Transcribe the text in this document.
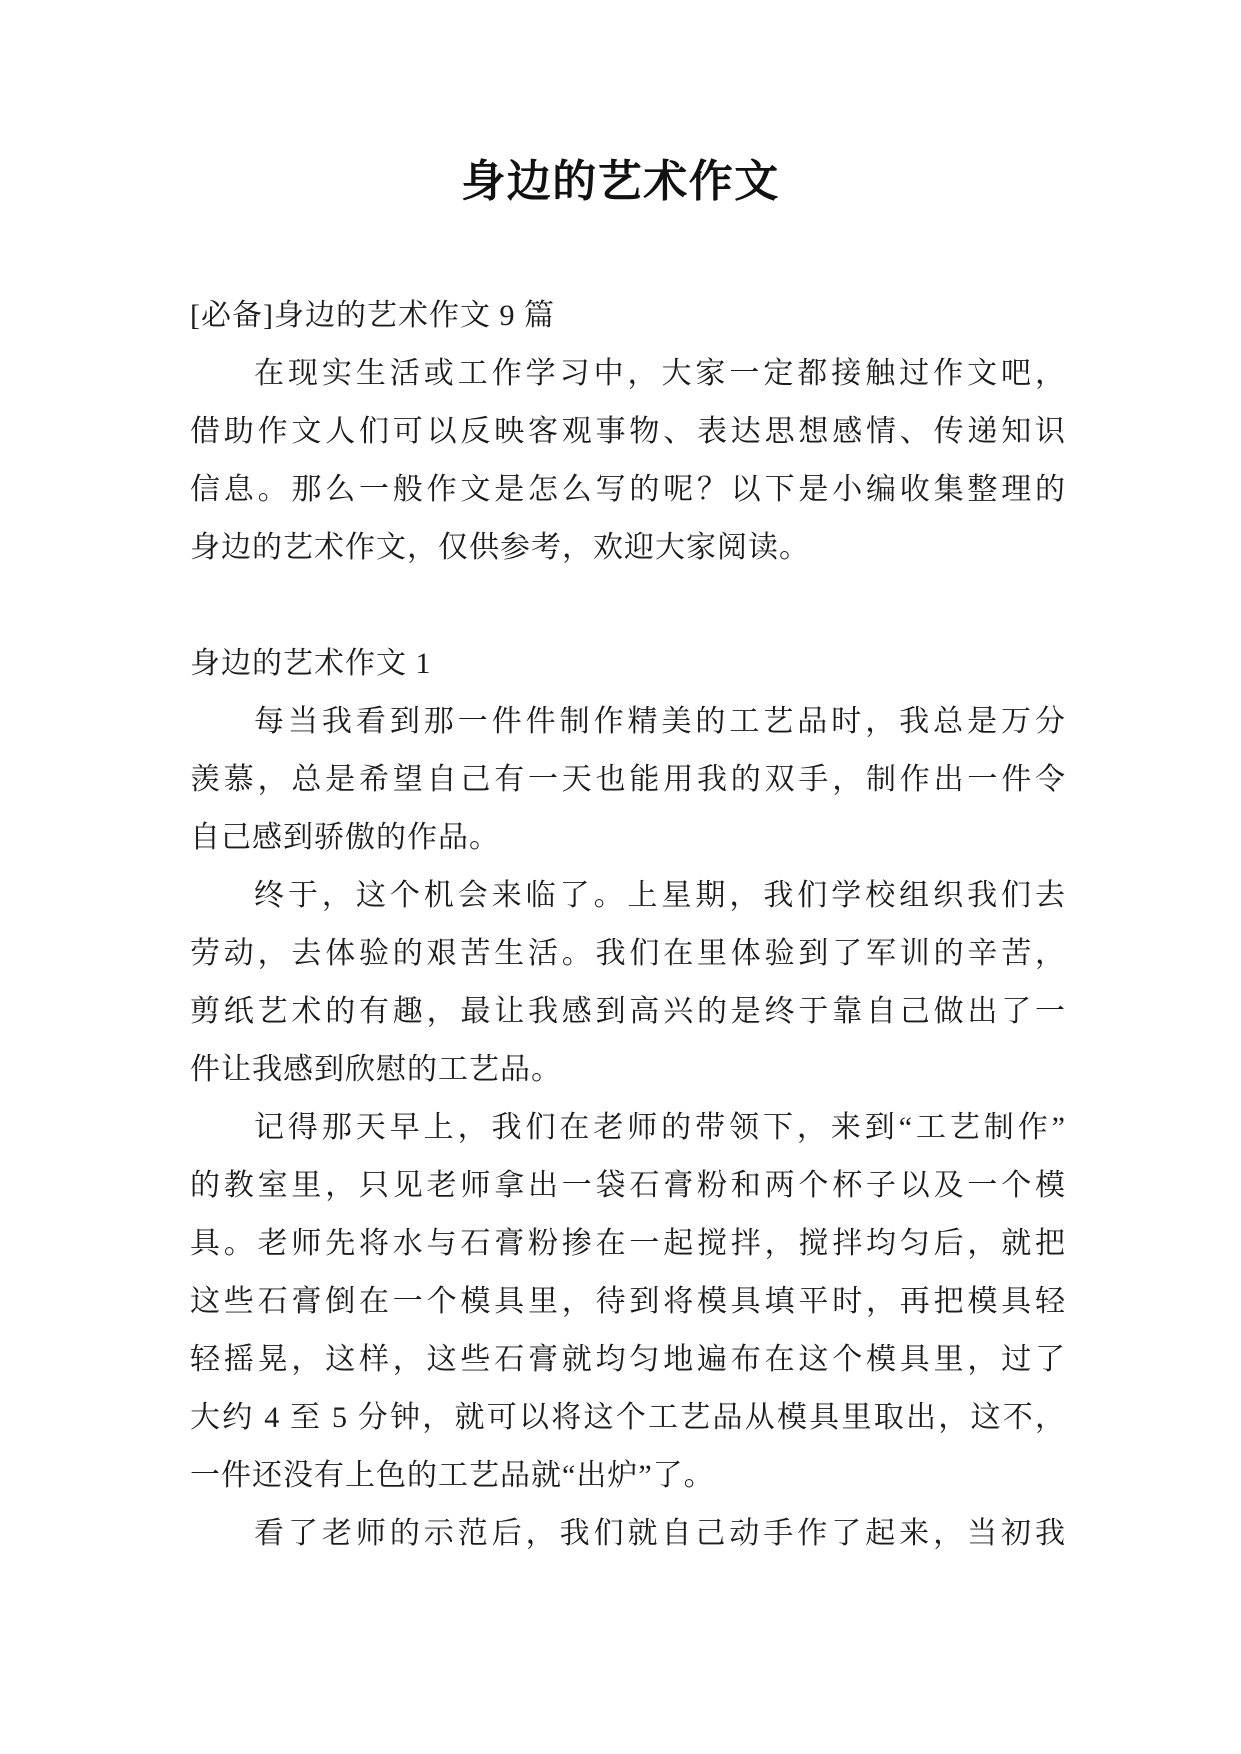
身边的艺术作文
[必备]身边的艺术作文 9 篇
在现实生活或工作学习中，大家一定都接触过作文吧，
借助作文人们可以反映客观事物、表达思想感情、传递知识
信息。那么一般作文是怎么写的呢？以下是小编收集整理的
身边的艺术作文，仅供参考，欢迎大家阅读。
身边的艺术作文 1
每当我看到那一件件制作精美的工艺品时，我总是万分
羡慕，总是希望自己有一天也能用我的双手，制作出一件令
自己感到骄傲的作品。
终于，这个机会来临了。上星期，我们学校组织我们去
劳动，去体验的艰苦生活。我们在里体验到了军训的辛苦，
剪纸艺术的有趣，最让我感到高兴的是终于靠自己做出了一
件让我感到欣慰的工艺品。
记得那天早上，我们在老师的带领下，来到“工艺制作”
的教室里，只见老师拿出一袋石膏粉和两个杯子以及一个模
具。老师先将水与石膏粉掺在一起搅拌，搅拌均匀后，就把
这些石膏倒在一个模具里，待到将模具填平时，再把模具轻
轻摇晃，这样，这些石膏就均匀地遍布在这个模具里，过了
大约 4 至 5 分钟，就可以将这个工艺品从模具里取出，这不，
一件还没有上色的工艺品就“出炉”了。
看了老师的示范后，我们就自己动手作了起来，当初我
